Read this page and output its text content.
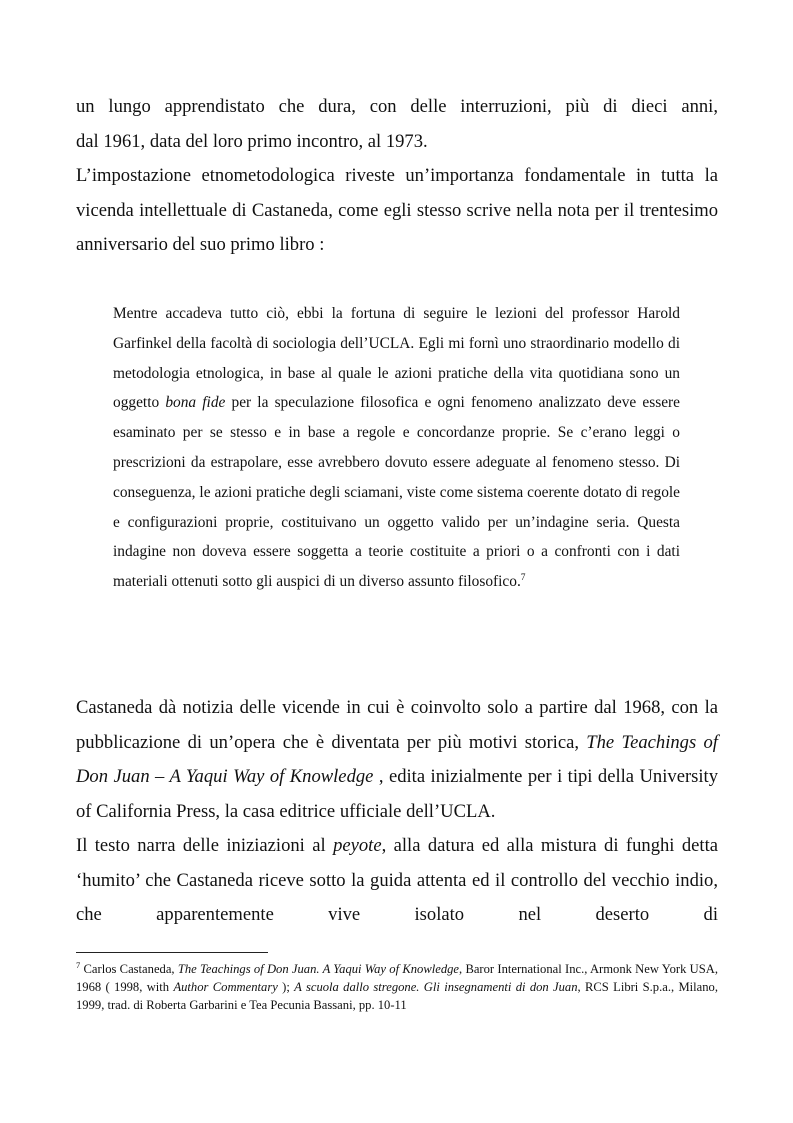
un lungo apprendistato che dura, con delle interruzioni, più di dieci anni,

dal 1961, data del loro primo incontro, al 1973.

L’impostazione etnometodologica riveste un’importanza fondamentale in tutta la vicenda intellettuale di Castaneda, come egli stesso scrive nella nota per il trentesimo anniversario del suo primo libro :

Mentre accadeva tutto ciò, ebbi la fortuna di seguire le lezioni del professor Harold Garfinkel della facoltà di sociologia dell’UCLA. Egli mi fornì uno straordinario modello di metodologia etnologica, in base al quale le azioni pratiche della vita quotidiana sono un oggetto bona fide per la speculazione filosofica e ogni fenomeno analizzato deve essere esaminato per se stesso e in base a regole e concordanze proprie. Se c’erano leggi o prescrizioni da estrapolare, esse avrebbero dovuto essere adeguate al fenomeno stesso. Di conseguenza, le azioni pratiche degli sciamani, viste come sistema coerente dotato di regole e configurazioni proprie, costituivano un oggetto valido per un’indagine seria. Questa indagine non doveva essere soggetta a teorie costituite a priori o a confronti con i dati materiali ottenuti sotto gli auspici di un diverso assunto filosofico.$^7$

Castaneda dà notizia delle vicende in cui è coinvolto solo a partire dal 1968, con la pubblicazione di un’opera che è diventata per più motivi storica, The Teachings of Don Juan – A Yaqui Way of Knowledge , edita inizialmente per i tipi della University of California Press, la casa editrice ufficiale dell’UCLA.

Il testo narra delle iniziazioni al peyote, alla datura ed alla mistura di funghi detta ‘humito’ che Castaneda riceve sotto la guida attenta ed il controllo del vecchio indio, che apparentemente vive isolato nel deserto di

$^7$ Carlos Castaneda, The Teachings of Don Juan. A Yaqui Way of Knowledge, Baror International Inc., Armonk New York USA, 1968 ( 1998, with Author Commentary ); A scuola dallo stregone. Gli insegnamenti di don Juan, RCS Libri S.p.a., Milano, 1999, trad. di Roberta Garbarini e Tea Pecunia Bassani, pp. 10-11
